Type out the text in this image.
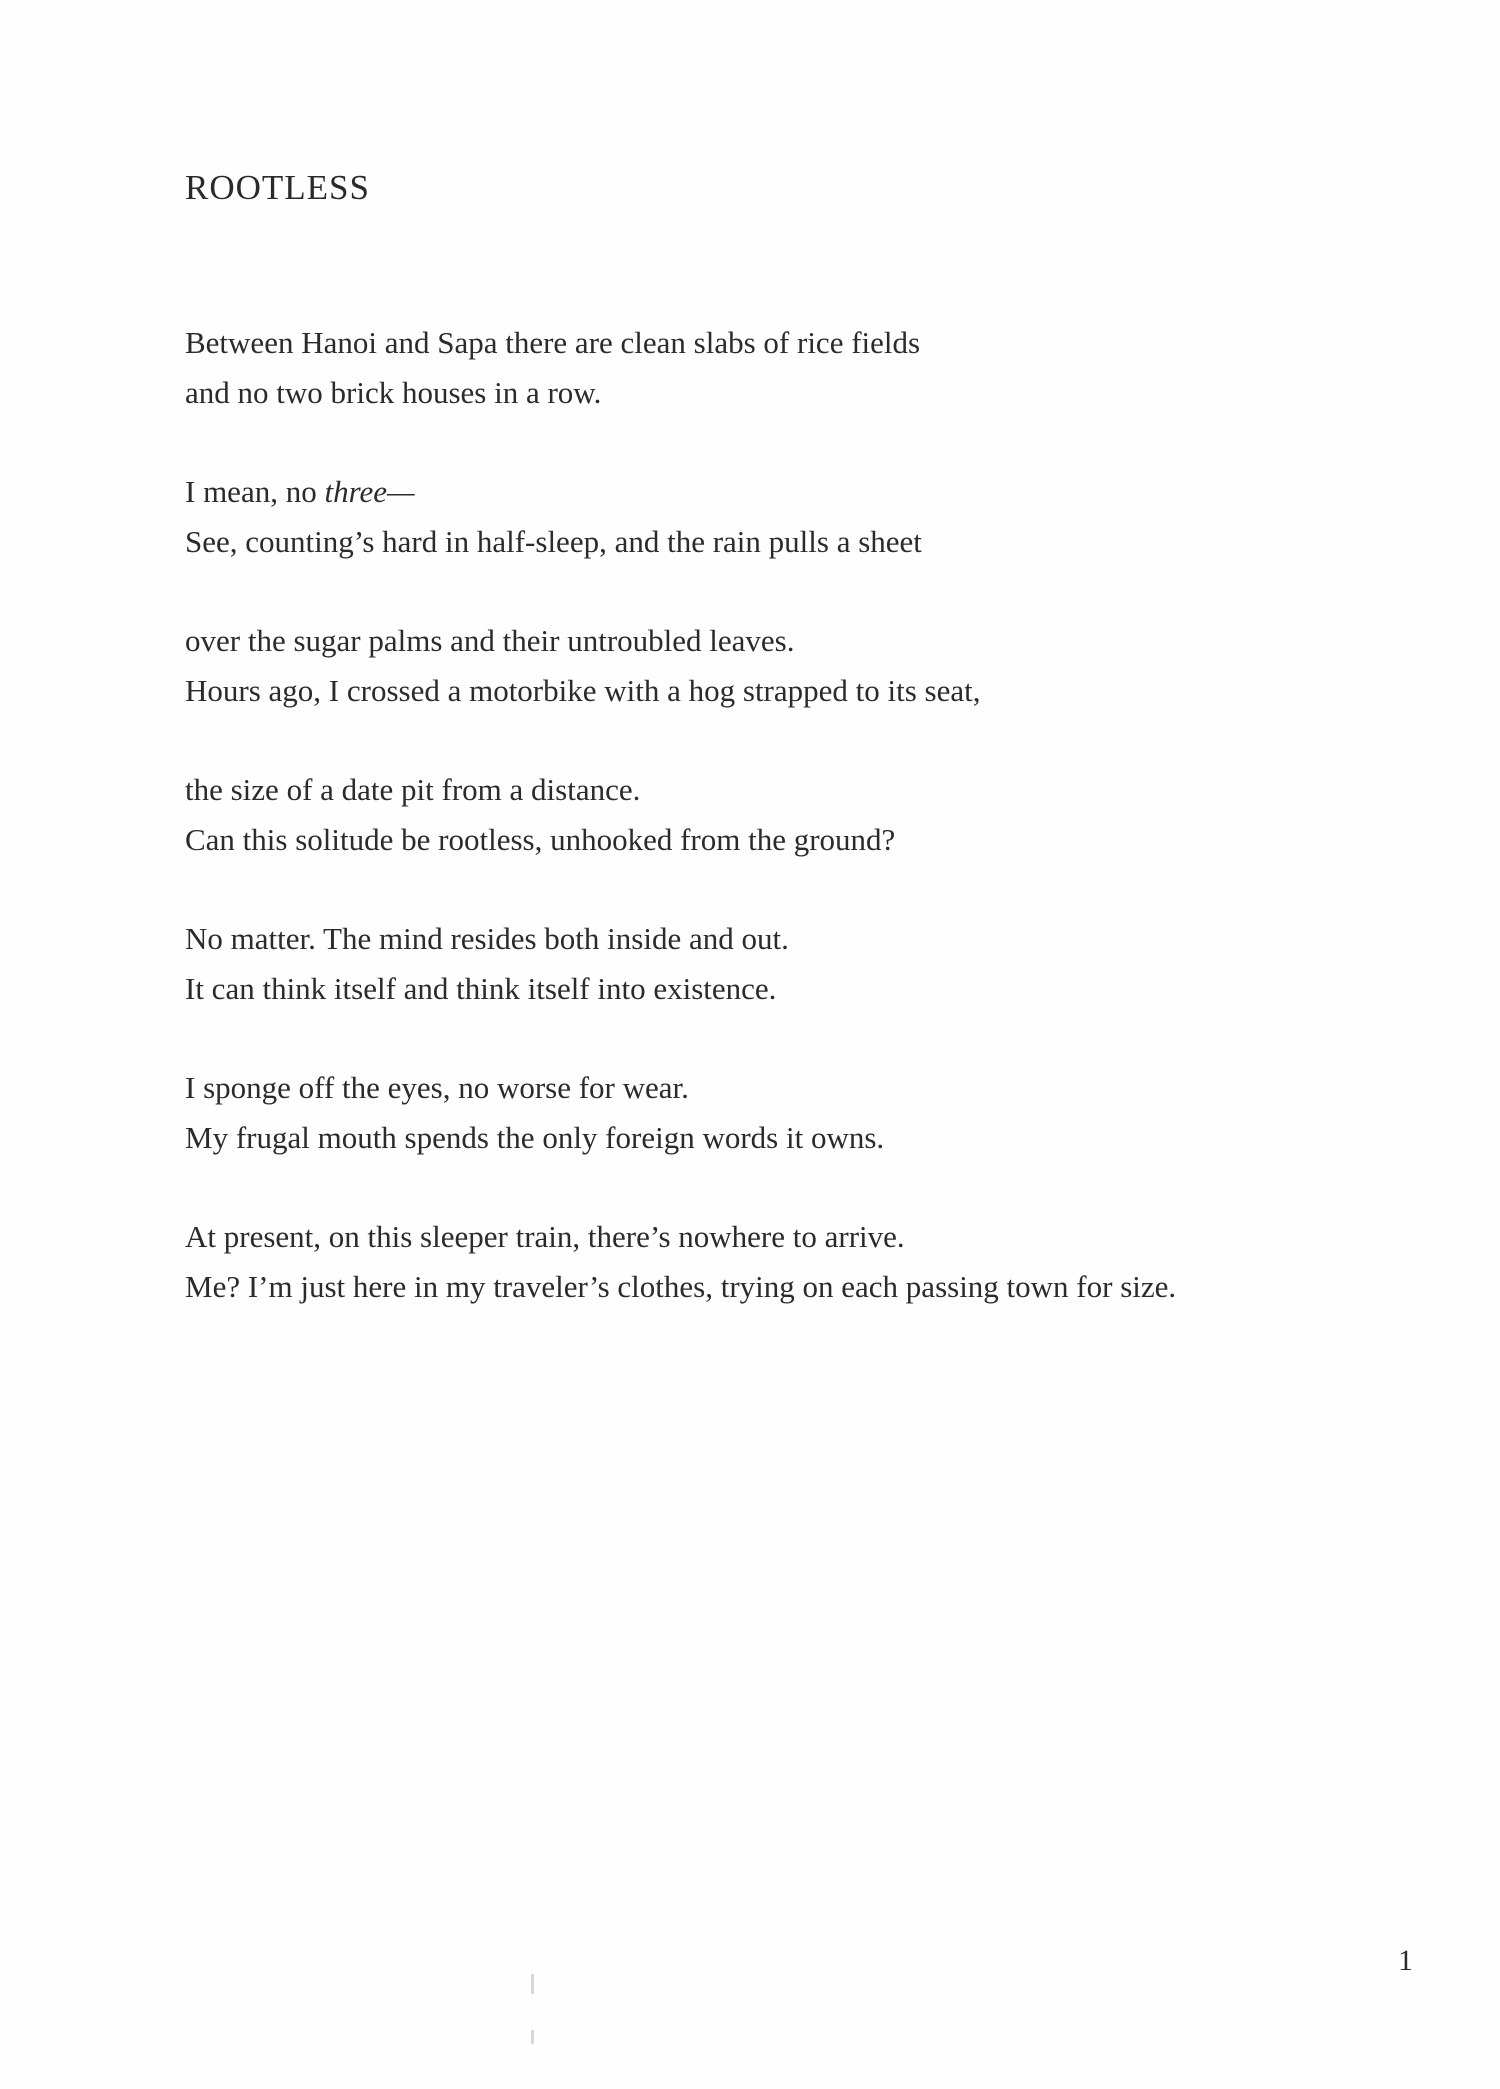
ROOTLESS
Between Hanoi and Sapa there are clean slabs of rice fields
and no two brick houses in a row.
I mean, no three—
See, counting’s hard in half-sleep, and the rain pulls a sheet
over the sugar palms and their untroubled leaves.
Hours ago, I crossed a motorbike with a hog strapped to its seat,
the size of a date pit from a distance.
Can this solitude be rootless, unhooked from the ground?
No matter. The mind resides both inside and out.
It can think itself and think itself into existence.
I sponge off the eyes, no worse for wear.
My frugal mouth spends the only foreign words it owns.
At present, on this sleeper train, there’s nowhere to arrive.
Me? I’m just here in my traveler’s clothes, trying on each passing town for size.
1
